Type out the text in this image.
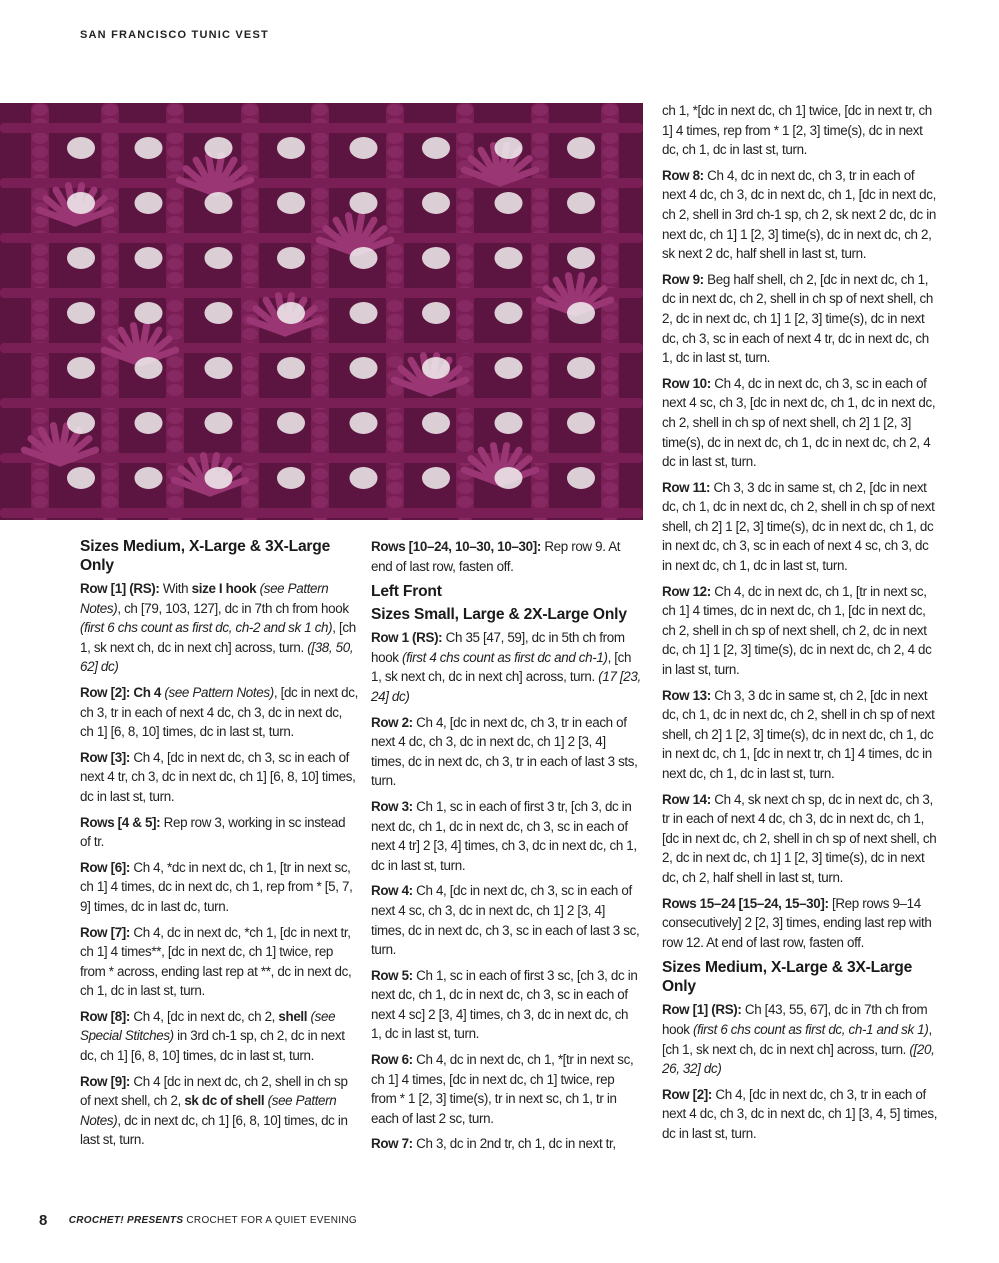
SAN FRANCISCO TUNIC VEST
Sizes Medium, X-Large & 3X-Large Only

Row [1] (RS): With size I hook (see Pattern Notes), ch [79, 103, 127], dc in 7th ch from hook (first 6 chs count as first dc, ch-2 and sk 1 ch), [ch 1, sk next ch, dc in next ch] across, turn. ([38, 50, 62] dc)

Row [2]: Ch 4 (see Pattern Notes), [dc in next dc, ch 3, tr in each of next 4 dc, ch 3, dc in next dc, ch 1] [6, 8, 10] times, dc in last st, turn.

Row [3]: Ch 4, [dc in next dc, ch 3, sc in each of next 4 tr, ch 3, dc in next dc, ch 1] [6, 8, 10] times, dc in last st, turn.

Rows [4 & 5]: Rep row 3, working in sc instead of tr.

Row [6]: Ch 4, *dc in next dc, ch 1, [tr in next sc, ch 1] 4 times, dc in next dc, ch 1, rep from * [5, 7, 9] times, dc in last dc, turn.

Row [7]: Ch 4, dc in next dc, *ch 1, [dc in next tr, ch 1] 4 times**, [dc in next dc, ch 1] twice, rep from * across, ending last rep at **, dc in next dc, ch 1, dc in last st, turn.

Row [8]: Ch 4, [dc in next dc, ch 2, shell (see Special Stitches) in 3rd ch-1 sp, ch 2, dc in next dc, ch 1] [6, 8, 10] times, dc in last st, turn.

Row [9]: Ch 4 [dc in next dc, ch 2, shell in ch sp of next shell, ch 2, sk dc of shell (see Pattern Notes), dc in next dc, ch 1] [6, 8, 10] times, dc in last st, turn.

Rows [10–24, 10–30, 10–30]: Rep row 9. At end of last row, fasten off.

Left Front
Sizes Small, Large & 2X-Large Only

Row 1 (RS): Ch 35 [47, 59], dc in 5th ch from hook (first 4 chs count as first dc and ch-1), [ch 1, sk next ch, dc in next ch] across, turn. (17 [23, 24] dc)

Row 2: Ch 4, [dc in next dc, ch 3, tr in each of next 4 dc, ch 3, dc in next dc, ch 1] 2 [3, 4] times, dc in next dc, ch 3, tr in each of last 3 sts, turn.

Row 3: Ch 1, sc in each of first 3 tr, [ch 3, dc in next dc, ch 1, dc in next dc, ch 3, sc in each of next 4 tr] 2 [3, 4] times, ch 3, dc in next dc, ch 1, dc in last st, turn.

Row 4: Ch 4, [dc in next dc, ch 3, sc in each of next 4 sc, ch 3, dc in next dc, ch 1] 2 [3, 4] times, dc in next dc, ch 3, sc in each of last 3 sc, turn.

Row 5: Ch 1, sc in each of first 3 sc, [ch 3, dc in next dc, ch 1, dc in next dc, ch 3, sc in each of next 4 sc] 2 [3, 4] times, ch 3, dc in next dc, ch 1, dc in last st, turn.

Row 6: Ch 4, dc in next dc, ch 1, *[tr in next sc, ch 1] 4 times, [dc in next dc, ch 1] twice, rep from * 1 [2, 3] time(s), tr in next sc, ch 1, tr in each of last 2 sc, turn.

Row 7: Ch 3, dc in 2nd tr, ch 1, dc in next tr,

ch 1, *[dc in next dc, ch 1] twice, [dc in next tr, ch 1] 4 times, rep from * 1 [2, 3] time(s), dc in next dc, ch 1, dc in last st, turn.

Row 8: Ch 4, dc in next dc, ch 3, tr in each of next 4 dc, ch 3, dc in next dc, ch 1, [dc in next dc, ch 2, shell in 3rd ch-1 sp, ch 2, sk next 2 dc, dc in next dc, ch 1] 1 [2, 3] time(s), dc in next dc, ch 2, sk next 2 dc, half shell in last st, turn.

Row 9: Beg half shell, ch 2, [dc in next dc, ch 1, dc in next dc, ch 2, shell in ch sp of next shell, ch 2, dc in next dc, ch 1] 1 [2, 3] time(s), dc in next dc, ch 3, sc in each of next 4 tr, dc in next dc, ch 1, dc in last st, turn.

Row 10: Ch 4, dc in next dc, ch 3, sc in each of next 4 sc, ch 3, [dc in next dc, ch 1, dc in next dc, ch 2, shell in ch sp of next shell, ch 2] 1 [2, 3] time(s), dc in next dc, ch 1, dc in next dc, ch 2, 4 dc in last st, turn.

Row 11: Ch 3, 3 dc in same st, ch 2, [dc in next dc, ch 1, dc in next dc, ch 2, shell in ch sp of next shell, ch 2] 1 [2, 3] time(s), dc in next dc, ch 1, dc in next dc, ch 3, sc in each of next 4 sc, ch 3, dc in next dc, ch 1, dc in last st, turn.

Row 12: Ch 4, dc in next dc, ch 1, [tr in next sc, ch 1] 4 times, dc in next dc, ch 1, [dc in next dc, ch 2, shell in ch sp of next shell, ch 2, dc in next dc, ch 1] 1 [2, 3] time(s), dc in next dc, ch 2, 4 dc in last st, turn.

Row 13: Ch 3, 3 dc in same st, ch 2, [dc in next dc, ch 1, dc in next dc, ch 2, shell in ch sp of next shell, ch 2] 1 [2, 3] time(s), dc in next dc, ch 1, dc in next dc, ch 1, [dc in next tr, ch 1] 4 times, dc in next dc, ch 1, dc in last st, turn.

Row 14: Ch 4, sk next ch sp, dc in next dc, ch 3, tr in each of next 4 dc, ch 3, dc in next dc, ch 1, [dc in next dc, ch 2, shell in ch sp of next shell, ch 2, dc in next dc, ch 1] 1 [2, 3] time(s), dc in next dc, ch 2, half shell in last st, turn.

Rows 15–24 [15–24, 15–30]: [Rep rows 9–14 consecutively] 2 [2, 3] times, ending last rep with row 12. At end of last row, fasten off.

Sizes Medium, X-Large & 3X-Large Only

Row [1] (RS): Ch [43, 55, 67], dc in 7th ch from hook (first 6 chs count as first dc, ch-1 and sk 1), [ch 1, sk next ch, dc in next ch] across, turn. ([20, 26, 32] dc)

Row [2]: Ch 4, [dc in next dc, ch 3, tr in each of next 4 dc, ch 3, dc in next dc, ch 1] [3, 4, 5] times, dc in last st, turn.

8 CROCHET! PRESENTS CROCHET FOR A QUIET EVENING
